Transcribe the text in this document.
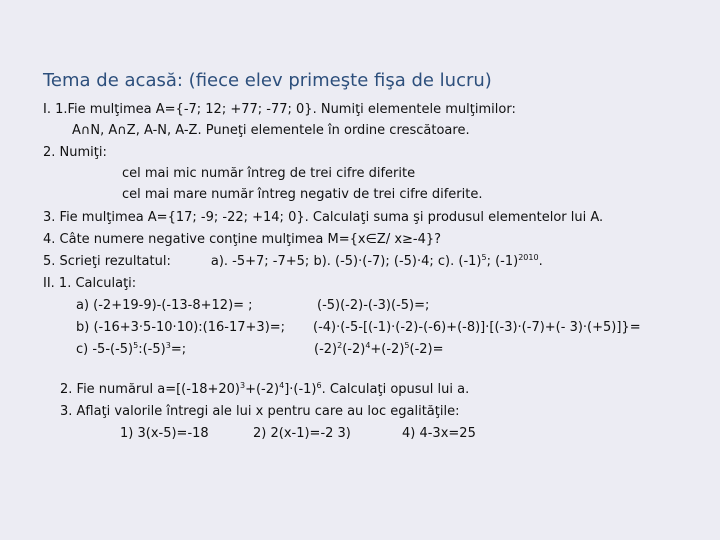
Tema de acasă: (fiece elev primeşte fişa de lucru)
I. 1.Fie mulţimea A={-7; 12; +77; -77; 0}. Numiţi elementele mulţimilor:
A∩N, A∩Z, A-N, A-Z. Puneţi elementele în ordine crescătoare.
2. Numiţi:
cel mai mic număr întreg de trei cifre diferite
cel mai mare număr întreg negativ de trei cifre diferite.
3. Fie mulţimea A={17; -9; -22; +14; 0}. Calculaţi suma şi produsul elementelor lui A.
4. Câte numere negative conţine mulţimea M={x∈Z/ x≥-4}?
5. Scrieţi rezultatul:	a). -5+7; -7+5; b). (-5)·(-7); (-5)·4; c). $(-1)^5$; $(-1)^{2010}$.
II. 1. Calculaţi:
a) (-2+19-9)-(-13-8+12)= ;	(-5)(-2)-(-3)(-5)=;
b) (-16+3·5-10·10):(16-17+3)=; (-4)·(-5-[(-1)·(-2)-(-6)+(-8)]·[(-3)·(-7)+(- 3)·(+5)]}=
c) $-5-(-5)^5:(-5)^3=$;	$(-2)^2(-2)^4+(-2)^5(-2)=$
2. Fie numărul $a=[(-18+20)^3+(-2)^4]\cdot(-1)^6$. Calculaţi opusul lui a.
3. Aflaţi valorile întregi ale lui x pentru care au loc egalităţile:
1) 3(x-5)=-18	2) 2(x-1)=-2 3)	4) 4-3x=25
